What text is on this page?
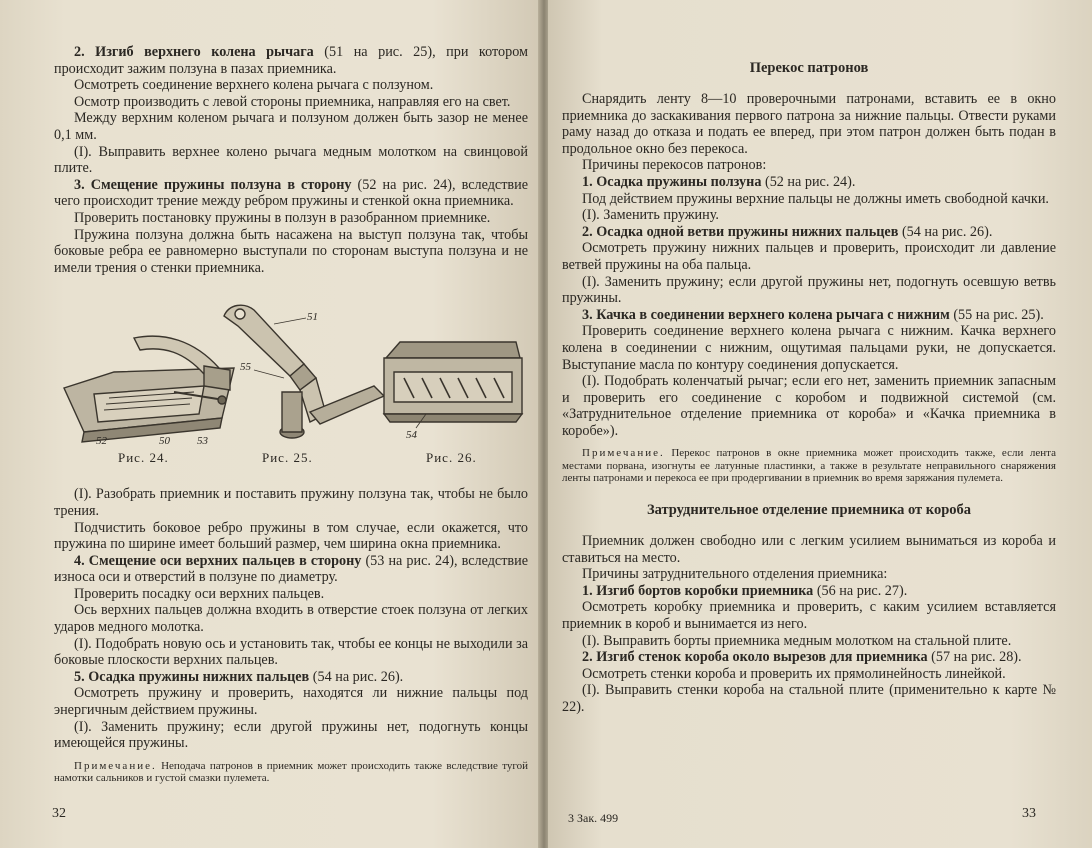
2. Изгиб верхнего колена рычага (51 на рис. 25), при котором происходит зажим ползуна в пазах приемника.

Осмотреть соединение верхнего колена рычага с ползуном.

Осмотр производить с левой стороны приемника, направляя его на свет.

Между верхним коленом рычага и ползуном должен быть зазор не менее 0,1 мм.

(I). Выправить верхнее колено рычага медным молотком на свинцовой плите.

3. Смещение пружины ползуна в сторону (52 на рис. 24), вследствие чего происходит трение между ребром пружины и стенкой окна приемника.

Проверить постановку пружины в ползун в разобранном приемнике.

Пружина ползуна должна быть насажена на выступ ползуна так, чтобы боковые ребра ее равномерно выступали по сторонам выступа ползуна и не имели трения о стенки приемника.

52	50 53
51
55
54
Рис. 24.	Рис. 25.	Рис. 26.

(I). Разобрать приемник и поставить пружину ползуна так, чтобы не было трения.

Подчистить боковое ребро пружины в том случае, если окажется, что пружина по ширине имеет больший размер, чем ширина окна приемника.

4. Смещение оси верхних пальцев в сторону (53 на рис. 24), вследствие износа оси и отверстий в ползуне по диаметру.

Проверить посадку оси верхних пальцев.

Ось верхних пальцев должна входить в отверстие стоек ползуна от легких ударов медного молотка.

(I). Подобрать новую ось и установить так, чтобы ее концы не выходили за боковые плоскости верхних пальцев.

5. Осадка пружины нижних пальцев (54 на рис. 26).

Осмотреть пружину и проверить, находятся ли нижние пальцы под энергичным действием пружины.

(I). Заменить пружину; если другой пружины нет, подогнуть концы имеющейся пружины.

Примечание. Неподача патронов в приемник может происходить также вследствие тугой намотки сальников и густой смазки пулемета.
32
Перекос патронов

Снарядить ленту 8—10 проверочными патронами, вставить ее в окно приемника до заскакивания первого патрона за нижние пальцы. Отвести руками раму назад до отказа и подать ее вперед, при этом патрон должен быть подан в продольное окно без перекоса.

Причины перекосов патронов:

1. Осадка пружины ползуна (52 на рис. 24).

Под действием пружины верхние пальцы не должны иметь свободной качки.

(I). Заменить пружину.

2. Осадка одной ветви пружины нижних пальцев (54 на рис. 26).

Осмотреть пружину нижних пальцев и проверить, происходит ли давление ветвей пружины на оба пальца.

(I). Заменить пружину; если другой пружины нет, подогнуть осевшую ветвь пружины.

3. Качка в соединении верхнего колена рычага с нижним (55 на рис. 25).

Проверить соединение верхнего колена рычага с нижним. Качка верхнего колена в соединении с нижним, ощутимая пальцами руки, не допускается. Выступание масла по контуру соединения допускается.

(I). Подобрать коленчатый рычаг; если его нет, заменить приемник запасным и проверить его соединение с коробом и подвижной системой (см. «Затруднительное отделение приемника от короба» и «Качка приемника в коробе»).

Примечание. Перекос патронов в окне приемника может происходить также, если лента местами порвана, изогнуты ее латунные пластинки, а также в результате неправильного снаряжения ленты патронами и перекоса ее при продергивании в приемник во время заряжания пулемета.
Затруднительное отделение приемника от короба

Приемник должен свободно или с легким усилием выниматься из короба и ставиться на место.

Причины затруднительного отделения приемника:

1. Изгиб бортов коробки приемника (56 на рис. 27).

Осмотреть коробку приемника и проверить, с каким усилием вставляется приемник в короб и вынимается из него.

(I). Выправить борты приемника медным молотком на стальной плите.

2. Изгиб стенок короба около вырезов для приемника (57 на рис. 28).

Осмотреть стенки короба и проверить их прямолинейность линейкой.

(I). Выправить стенки короба на стальной плите (применительно к карте № 22).

3 Зак. 499	33
